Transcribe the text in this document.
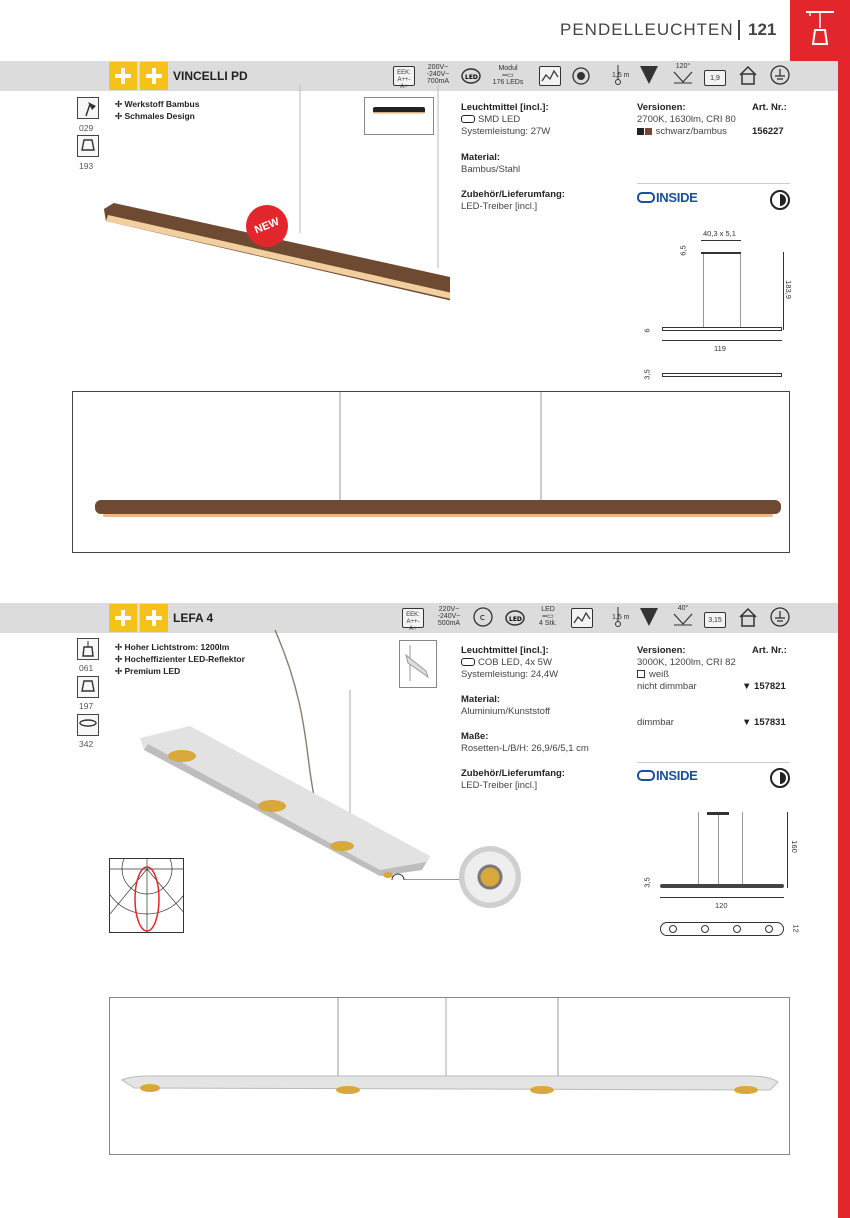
PENDELLEUCHTEN 121
VINCELLI PD	EEK:
A++-A+
200V~
-240V~
700mA
LED
Modul
═▭
176 LEDs
1,5 m
120°
1,9
029
193
✢ Werkstoff Bambus
✢ Schmales Design
NEW
Leuchtmittel [incl.]:
SMD LED
Systemleistung: 27W
Material:
Bambus/Stahl
Zubehör/Lieferumfang:
LED-Treiber [incl.]
Versionen:	Art. Nr.:
2700K, 1630lm, CRI 80
schwarz/bambus	156227
INSIDE
40,3 x 5,1
6,5
183,9
6
119
3,5
LEFA 4	EEK:
A++-A+
220V~
-240V~
500mA
C	LED
LED
═▭
4 Stk.
1,5 m
40°
3,15
061
197
342
✢ Hoher Lichtstrom: 1200lm
✢ Hocheffizienter LED-Reflektor
✢ Premium LED
Leuchtmittel [incl.]:
COB LED, 4x 5W
Systemleistung: 24,4W
Material:
Aluminium/Kunststoff
Maße:
Rosetten-L/B/H: 26,9/6/5,1 cm
Zubehör/Lieferumfang:
LED-Treiber [incl.]
Versionen:	Art. Nr.:
3000K, 1200lm, CRI 82
weiß
nicht dimmbar	▼ 157821
dimmbar	▼ 157831
INSIDE
160
3,5
120
12
